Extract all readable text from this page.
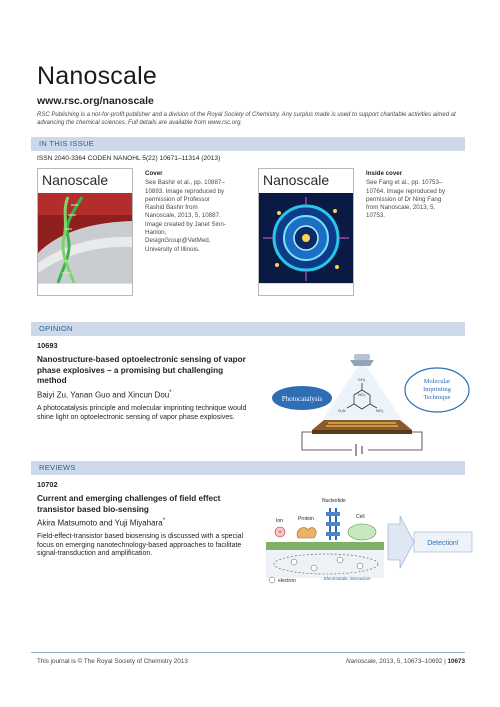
Nanoscale
www.rsc.org/nanoscale
RSC Publishing is a not-for-profit publisher and a division of the Royal Society of Chemistry. Any surplus made is used to support charitable activities aimed at advancing the chemical sciences. Full details are available from www.rsc.org.
IN THIS ISSUE
ISSN 2040-3364 CODEN NANOHL 5(22) 10671–11314 (2013)
Nanoscale	Cover
See Bashir et al., pp. 10887–10893. Image reproduced by permission of Professor Rashid Bashir from Nanoscale, 2013, 5, 10887. Image created by Janet Sinn-Hanlon, DesignGroup@VetMed, University of Illinois.
Nanoscale	Inside cover
See Fang et al., pp. 10753–10764. Image reproduced by permission of Dr Ning Fang from Nanoscale, 2013, 5, 10753.
OPINION
10693
Nanostructure-based optoelectronic sensing of vapor phase explosives – a promising but challenging method
Baiyi Zu, Yanan Guo and Xincun Dou*
A photocatalysis principle and molecular imprinting technique would shine light on optoelectronic sensing of vapor phase explosives.
CH₃
NO₂
O₂N
NO₂
Photocatalysis
Molecular
Imprinting
Technique
REVIEWS
10702
Current and emerging challenges of field effect transistor based bio-sensing
Akira Matsumoto and Yuji Miyahara*
Field-effect-transistor based biosensing is discussed with a special focus on emerging nanotechnology-based approaches to facilitate signal-transduction and amplification.
+
Ion	Protein
Nucleotide
Cell
electron	Electrostatic interaction
Detection!
This journal is © The Royal Society of Chemistry 2013	Nanoscale, 2013, 5, 10673–10692 | 10673
